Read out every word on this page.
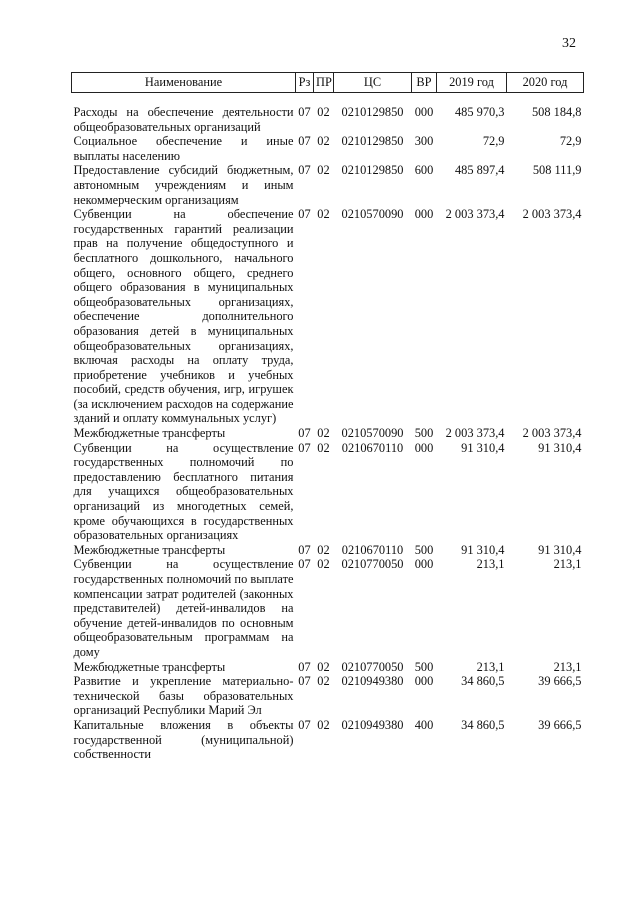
32
Наименование	Рз	ПР	ЦС	ВР	2019 год	2020 год
Расходы на обеспечение деятельности общеобразовательных организаций	07	02	0210129850	000	485 970,3	508 184,8
Социальное обеспечение и иные выплаты населению	07	02	0210129850	300	72,9	72,9
Предоставление субсидий бюджетным, автономным учреждениям и иным некоммерческим организациям	07	02	0210129850	600	485 897,4	508 111,9
Субвенции на обеспечение государственных гарантий реализации прав на получение общедоступного и бесплатного дошкольного, начального общего, основного общего, среднего общего образования в муниципальных общеобразовательных организациях, обеспечение дополнительного образования детей в муниципальных общеобразовательных организациях, включая расходы на оплату труда, приобретение учебников и учебных пособий, средств обучения, игр, игрушек (за исключением расходов на содержание зданий и оплату коммунальных услуг)	07	02	0210570090	000	2 003 373,4	2 003 373,4
Межбюджетные трансферты	07	02	0210570090	500	2 003 373,4	2 003 373,4
Субвенции на осуществление государственных полномочий по предоставлению бесплатного питания для учащихся общеобразовательных организаций из многодетных семей, кроме обучающихся в государственных образовательных организациях	07	02	0210670110	000	91 310,4	91 310,4
Межбюджетные трансферты	07	02	0210670110	500	91 310,4	91 310,4
Субвенции на осуществление государственных полномочий по выплате компенсации затрат родителей (законных представителей) детей-инвалидов на обучение детей-инвалидов по основным общеобразовательным программам на дому	07	02	0210770050	000	213,1	213,1
Межбюджетные трансферты	07	02	0210770050	500	213,1	213,1
Развитие и укрепление материально-технической базы образовательных организаций Республики Марий Эл	07	02	0210949380	000	34 860,5	39 666,5
Капитальные вложения в объекты государственной (муниципальной) собственности	07	02	0210949380	400	34 860,5	39 666,5
